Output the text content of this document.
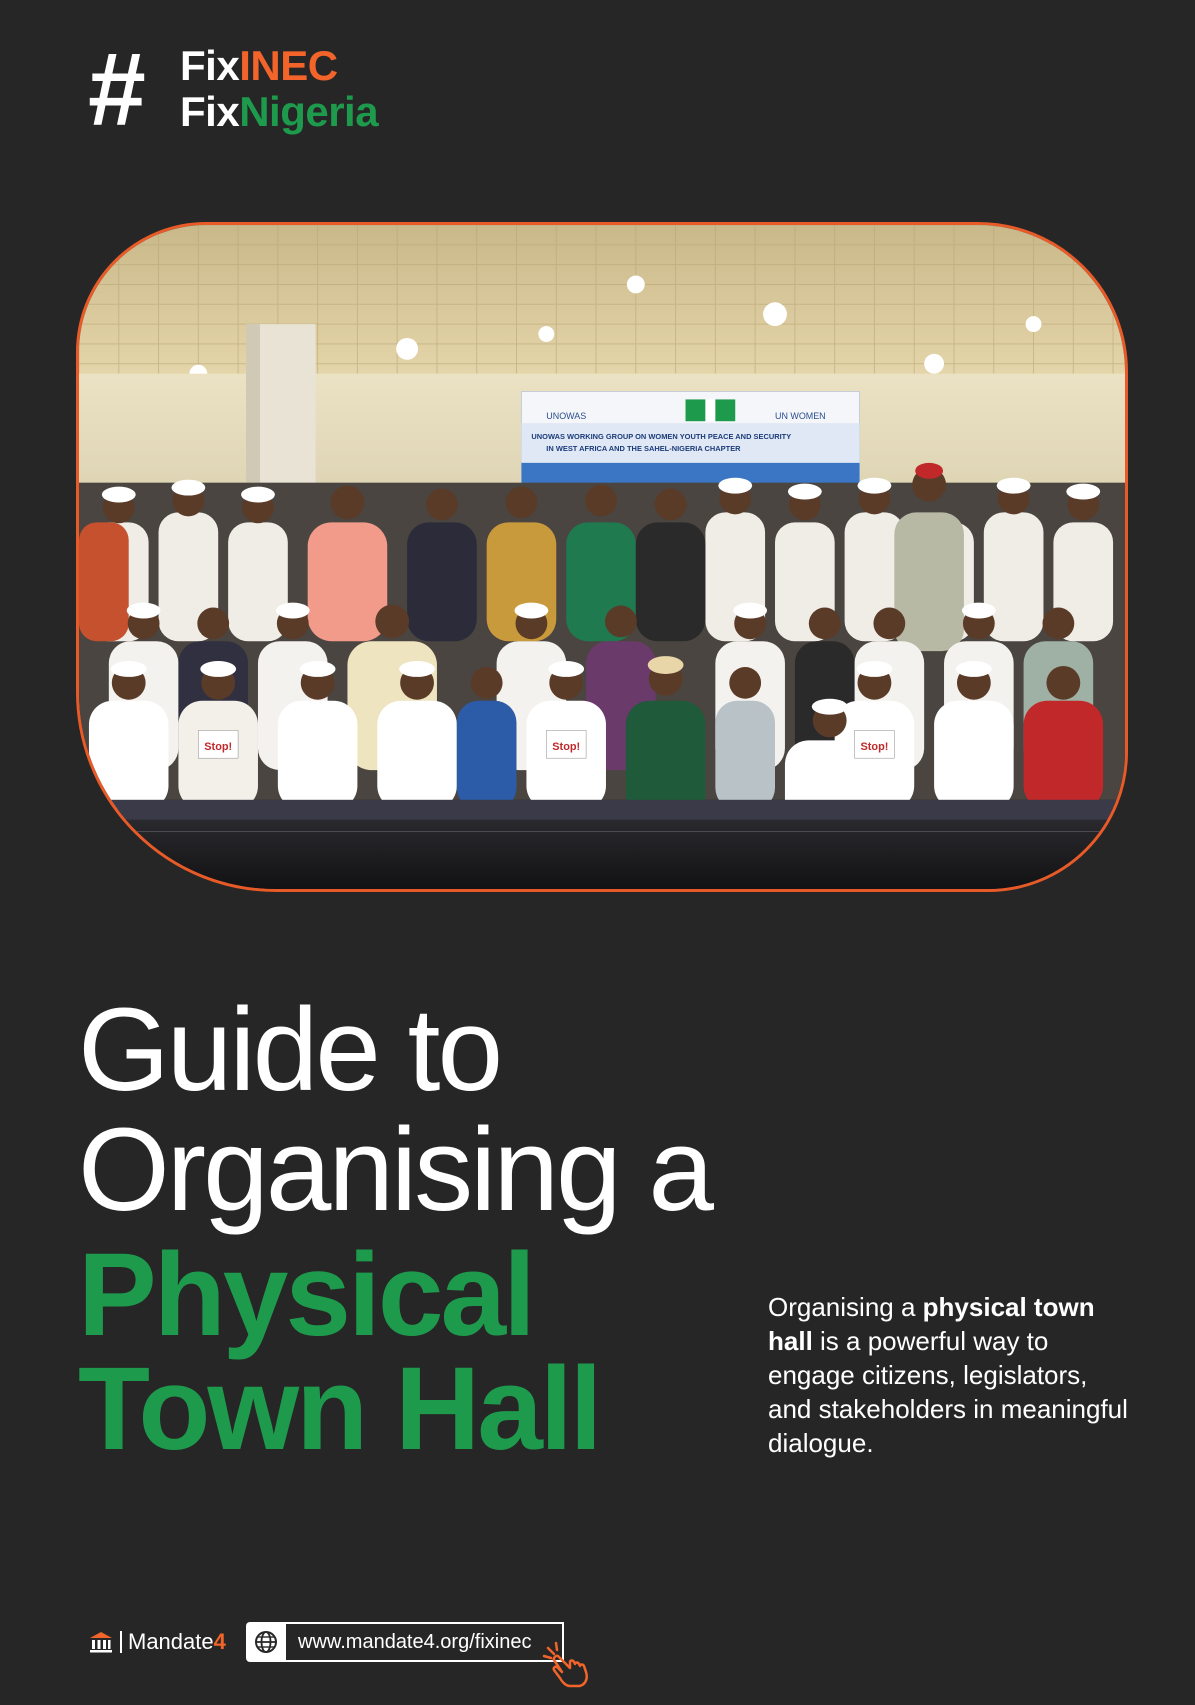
# FixINEC
FixNigeria
UNOWAS	UN WOMEN
UNOWAS WORKING GROUP ON WOMEN YOUTH PEACE AND SECURITY
IN WEST AFRICA AND THE SAHEL-NIGERIA CHAPTER
Stop!	Stop!	Stop!
Guide to
Organising a
Physical
Town Hall
Organising a physical town hall is a powerful way to engage citizens, legislators, and stakeholders in meaningful dialogue.
Mandate4	www.mandate4.org/fixinec
